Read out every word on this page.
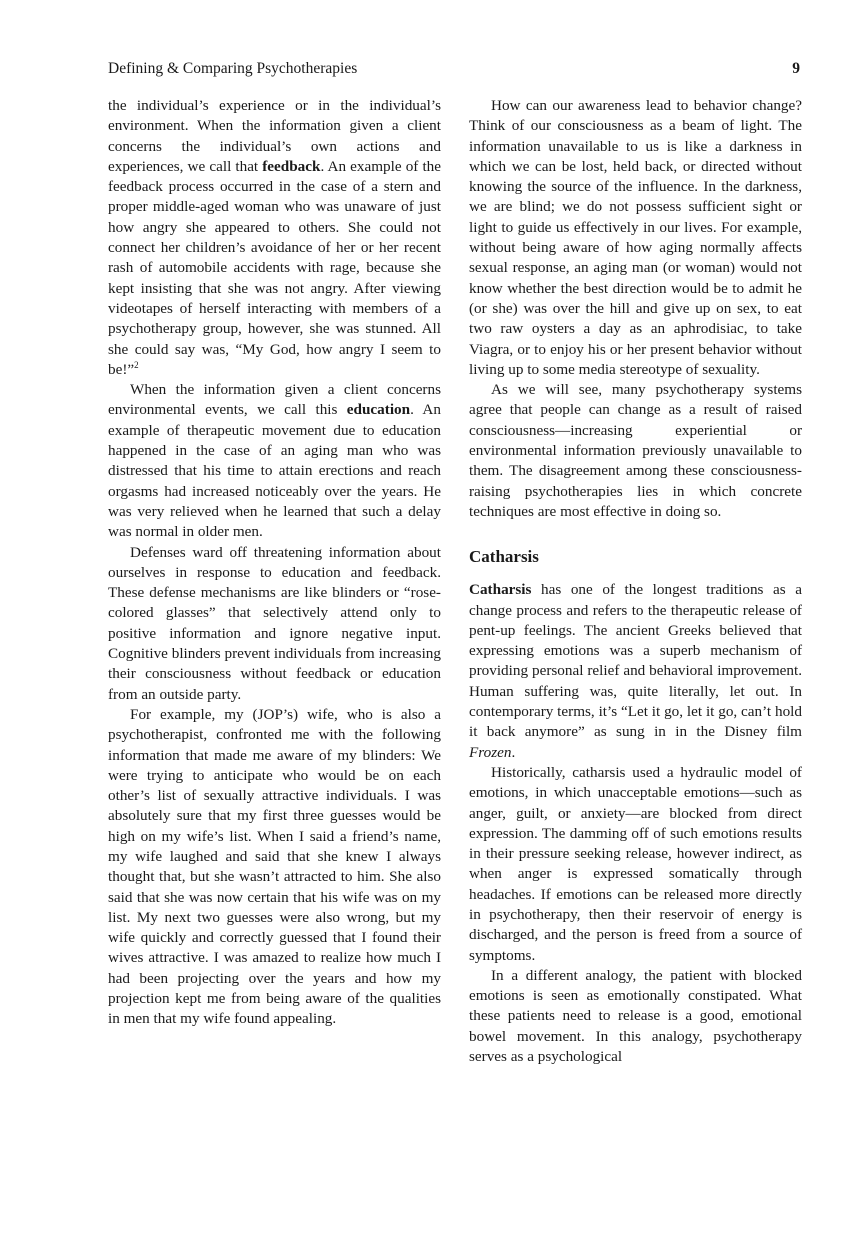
Defining & Comparing Psychotherapies	9

the individual’s experience or in the individual’s environment. When the information given a client concerns the individual’s own actions and experiences, we call that feedback. An example of the feedback process occurred in the case of a stern and proper middle-aged woman who was unaware of just how angry she appeared to others. She could not connect her children’s avoidance of her or her recent rash of automobile accidents with rage, because she kept insisting that she was not angry. After viewing videotapes of herself interacting with members of a psychotherapy group, however, she was stunned. All she could say was, “My God, how angry I seem to be!”$^2$

When the information given a client concerns environmental events, we call this education. An example of therapeutic movement due to education happened in the case of an aging man who was distressed that his time to attain erections and reach orgasms had increased noticeably over the years. He was very relieved when he learned that such a delay was normal in older men.

Defenses ward off threatening information about ourselves in response to education and feedback. These defense mechanisms are like blinders or “rose-colored glasses” that selectively attend only to positive information and ignore negative input. Cognitive blinders prevent individuals from increasing their consciousness without feedback or education from an outside party.

For example, my (JOP’s) wife, who is also a psychotherapist, confronted me with the following information that made me aware of my blinders: We were trying to anticipate who would be on each other’s list of sexually attractive individuals. I was absolutely sure that my first three guesses would be high on my wife’s list. When I said a friend’s name, my wife laughed and said that she knew I always thought that, but she wasn’t attracted to him. She also said that she was now certain that his wife was on my list. My next two guesses were also wrong, but my wife quickly and correctly guessed that I found their wives attractive. I was amazed to realize how much I had been projecting over the years and how my projection kept me from being aware of the qualities in men that my wife found appealing.

How can our awareness lead to behavior change? Think of our consciousness as a beam of light. The information unavailable to us is like a darkness in which we can be lost, held back, or directed without knowing the source of the influence. In the darkness, we are blind; we do not possess sufficient sight or light to guide us effectively in our lives. For example, without being aware of how aging normally affects sexual response, an aging man (or woman) would not know whether the best direction would be to admit he (or she) was over the hill and give up on sex, to eat two raw oysters a day as an aphrodisiac, to take Viagra, or to enjoy his or her present behavior without living up to some media stereotype of sexuality.

As we will see, many psychotherapy systems agree that people can change as a result of raised consciousness—increasing experiential or environmental information previously unavailable to them. The disagreement among these consciousness-raising psychotherapies lies in which concrete techniques are most effective in doing so.

Catharsis

Catharsis has one of the longest traditions as a change process and refers to the therapeutic release of pent-up feelings. The ancient Greeks believed that expressing emotions was a superb mechanism of providing personal relief and behavioral improvement. Human suffering was, quite literally, let out. In contemporary terms, it’s “Let it go, let it go, can’t hold it back anymore” as sung in in the Disney film Frozen.

Historically, catharsis used a hydraulic model of emotions, in which unacceptable emotions—such as anger, guilt, or anxiety—are blocked from direct expression. The damming off of such emotions results in their pressure seeking release, however indirect, as when anger is expressed somatically through headaches. If emotions can be released more directly in psychotherapy, then their reservoir of energy is discharged, and the person is freed from a source of symptoms.

In a different analogy, the patient with blocked emotions is seen as emotionally constipated. What these patients need to release is a good, emotional bowel movement. In this analogy, psychotherapy serves as a psychological
